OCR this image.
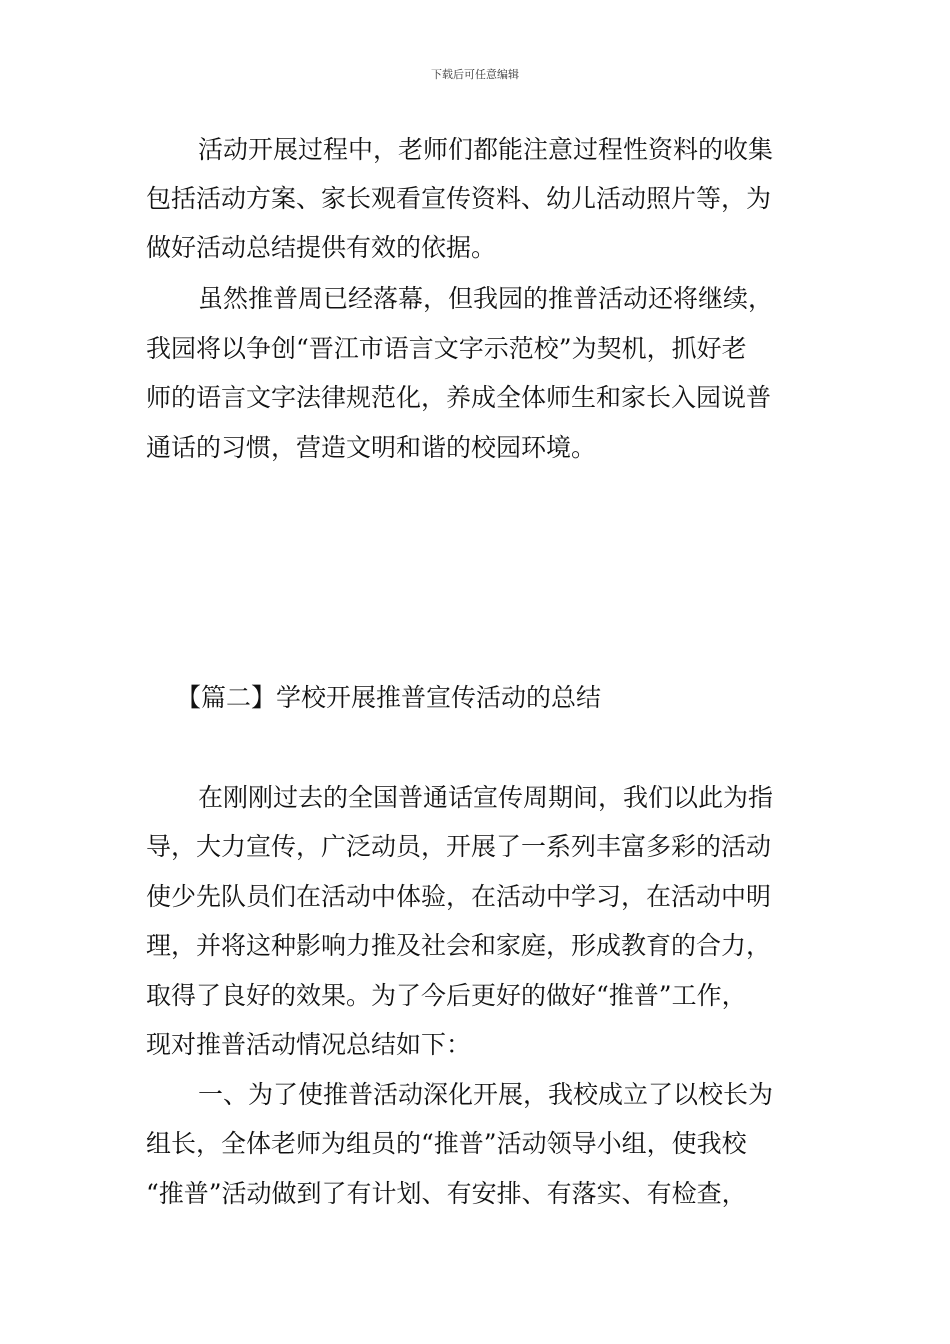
下载后可任意编辑
活动开展过程中，老师们都能注意过程性资料的收集
包括活动方案、家长观看宣传资料、幼儿活动照片等，为
做好活动总结提供有效的依据。
虽然推普周已经落幕，但我园的推普活动还将继续，
我园将以争创“晋江市语言文字示范校”为契机，抓好老
师的语言文字法律规范化，养成全体师生和家长入园说普
通话的习惯，营造文明和谐的校园环境。
【篇二】学校开展推普宣传活动的总结
在刚刚过去的全国普通话宣传周期间，我们以此为指
导，大力宣传，广泛动员，开展了一系列丰富多彩的活动
使少先队员们在活动中体验，在活动中学习，在活动中明
理，并将这种影响力推及社会和家庭，形成教育的合力，
取得了良好的效果。为了今后更好的做好“推普”工作，
现对推普活动情况总结如下：
一、为了使推普活动深化开展，我校成立了以校长为
组长，全体老师为组员的“推普”活动领导小组，使我校
“推普”活动做到了有计划、有安排、有落实、有检查，
